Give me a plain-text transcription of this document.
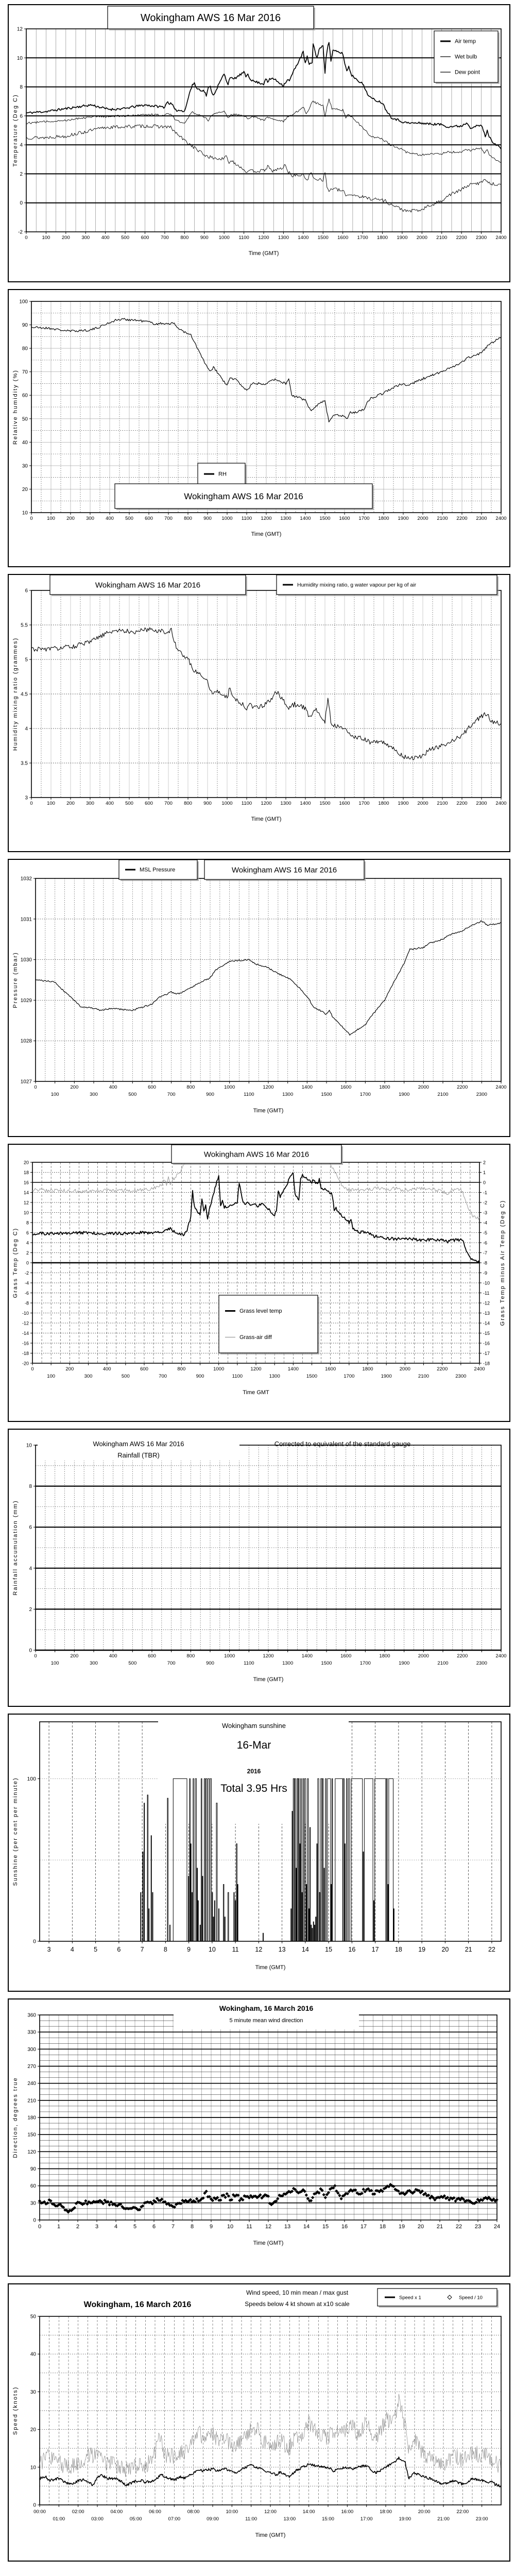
0	100 200 300 400 500 600 700 800 900 1000 1100 1200 1300 1400 1500 1600 1700 1800 1900 2000 2100 2200 2300 2400
Time (GMT)
-2
0
2
4
6
8
10
12
Temperature (Deg C)
Wokingham AWS 16 Mar 2016
Air temp
Wet bulb
Dew point
0	100 200 300 400 500 600 700 800 900 1000 1100 1200 1300 1400 1500 1600 1700 1800 1900 2000 2100 2200 2300 2400
Time (GMT)
10
20
30
40
50
60
70
80
90
100
Relative humidity (%)
RH
Wokingham AWS 16 Mar 2016
0	100 200 300 400 500 600 700 800 900 1000 1100 1200 1300 1400 1500 1600 1700 1800 1900 2000 2100 2200 2300 2400
Time (GMT)
3
3.5
4
4.5
5
5.5
6
Humidity mixing ratio (grammes)
Wokingham AWS 16 Mar 2016	Humidity mixing ratio, g water vapour per kg of air
0	200	400	600	800	1000	1200	1400	1600	1800	2000	2200	2400
100	300	500	700	900	1100	1300	1500	1700	1900	2100	2300
Time (GMT)
1027
1028
1029
1030
1031
1032
Pressure (mbar)
MSL Pressure	Wokingham AWS 16 Mar 2016
0	200	400	600	800	1000	1200	1400	1600	1800	2000	2200	2400
100	300	500	700	900	1100	1300	1500	1700	1900	2100	2300
Time GMT
-20
-18
-16
-14
-12
-10
-8
-6
-4
-2
0
2
4
6
8
10
12
14
16
18
20
Grass Temp (Deg C)
-18
-17
-16
-15
-14
-13
-12
-11
-10
-9
-8
-7
-6
-5
-4
-3
-2
-1
0
1
2
Grass Temp minus Air Temp (Deg C)
Wokingham AWS 16 Mar 2016
Grass level temp
Grass-air diff
0	200	400	600	800	1000	1200	1400	1600	1800	2000	2200	2400
100	300	500	700	900	1100	1300	1500	1700	1900	2100	2300
Time (GMT)
0
2
4
6
8
10
Rainfall accumulation (mm)
Wokingham AWS 16 Mar 2016
Rainfall (TBR)
Corrected to equivalent of the standard gauge
3	4	5	6	7	8	9	10	11	12	13	14	15	16	17	18	19	20	21	22
Time (GMT)
0
100
Sunshine (per cent per minute)
Wokingham sunshine
16-Mar
2016
Total 3.95 Hrs
0	1	2	3	4	5	6	7	8	9	10 11 12 13 14 15 16 17 18 19 20 21 22 23 24
Time (GMT)
0
30
60
90
120
150
180
210
240
270
300
330
360
Direction, degrees true
Wokingham, 16 March 2016
5 minute mean wind direction
00:00	02:00	04:00	06:00	08:00	10:00	12:00	14:00	16:00	18:00	20:00	22:00
01:00	03:00	05:00	07:00	09:00	11:00	13:00	15:00	17:00	19:00	21:00	23:00
Time (GMT)
0
10
20
30
40
50
Speed (knots)
Wokingham, 16 March 2016
Wind speed, 10 min mean / max gust
Speeds below 4 kt shown at x10 scale
Speed x 1	Speed / 10
